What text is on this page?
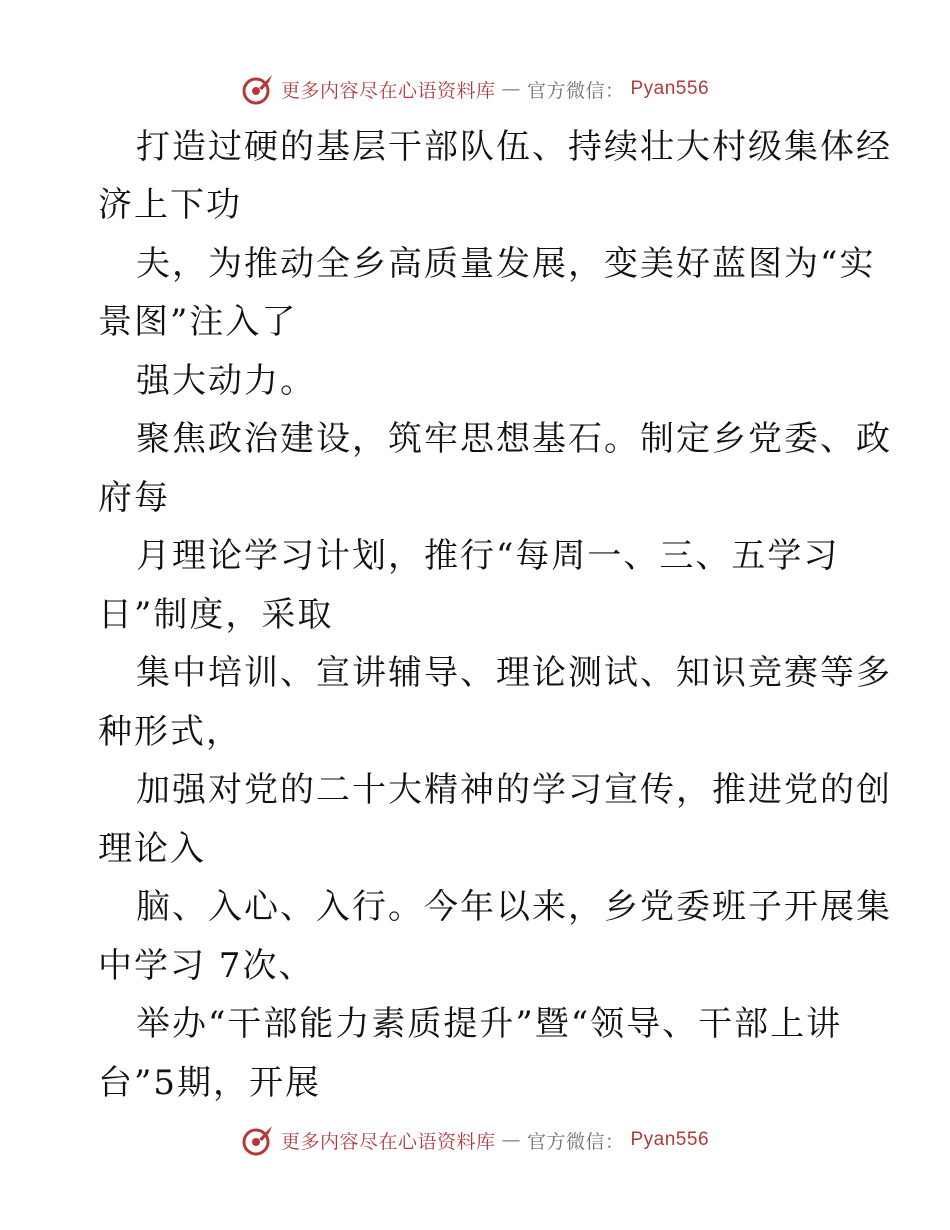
更多内容尽在心语资料库 — 官方微信： Pyan556
打造过硬的基层干部队伍、持续壮大村级集体经
济上下功
夫，为推动全乡高质量发展，变美好蓝图为“实
景图”注入了
强大动力。
聚焦政治建设，筑牢思想基石。制定乡党委、政
府每
月理论学习计划，推行“每周一、三、五学习
日”制度，采取
集中培训、宣讲辅导、理论测试、知识竞赛等多
种形式，
加强对党的二十大精神的学习宣传，推进党的创
理论入
脑、入心、入行。今年以来，乡党委班子开展集
中学习 7次、
举办“干部能力素质提升”暨“领导、干部上讲
台”5期，开展
更多内容尽在心语资料库 — 官方微信： Pyan556
